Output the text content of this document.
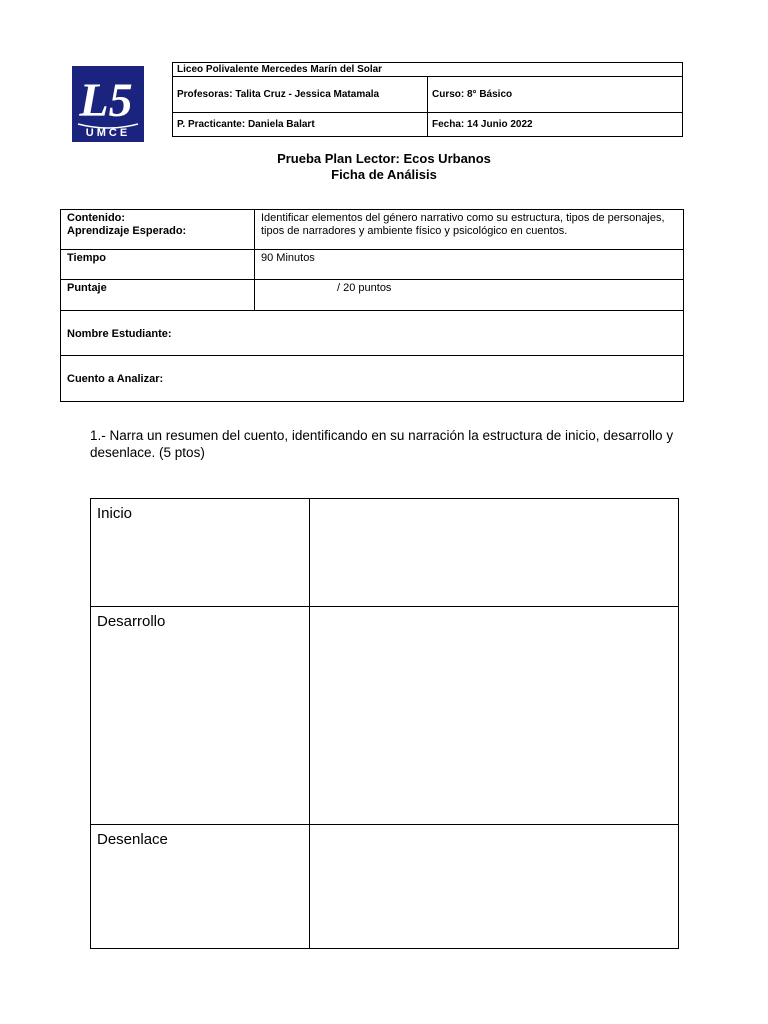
L5
UMCE
Liceo Polivalente Mercedes Marín del Solar	
Profesoras: Talita Cruz - Jessica Matamala	Curso: 8° Básico
P. Practicante: Daniela Balart	Fecha: 14 Junio 2022

Prueba Plan Lector: Ecos Urbanos

Ficha de Análisis

Contenido:
Aprendizaje Esperado:	Identificar elementos del género narrativo como su estructura, tipos de personajes, tipos de narradores y ambiente físico y psicológico en cuentos.
Tiempo	90 Minutos
Puntaje	/ 20 puntos
Nombre Estudiante:	
Cuento a Analizar:	

1.- Narra un resumen del cuento, identificando en su narración la estructura de inicio, desarrollo y desenlace. (5 ptos)

Inicio	
Desarrollo	
Desenlace	
